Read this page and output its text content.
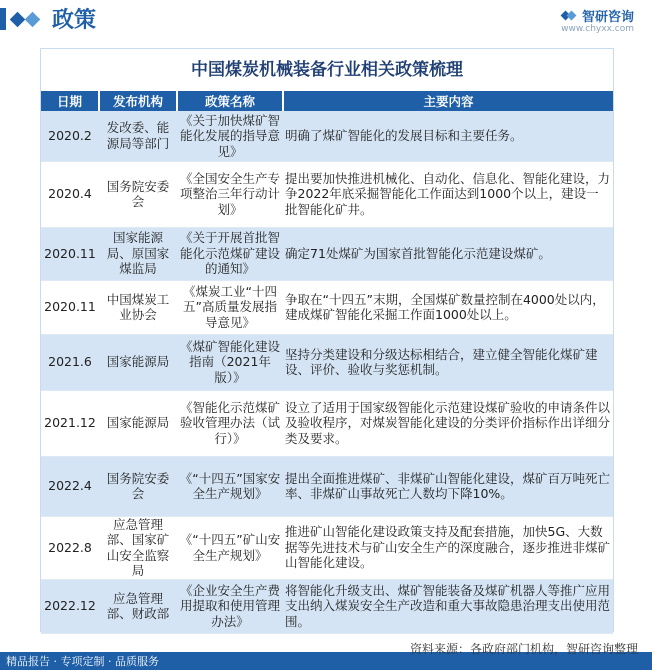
政策	智研咨询
www.chyxx.com
中国煤炭机械装备行业相关政策梳理
日期	发布机构	政策名称	主要内容
2020.2	发改委、能源局等部门	《关于加快煤矿智能化发展的指导意见》	明确了煤矿智能化的发展目标和主要任务。
2020.4	国务院安委会	《全国安全生产专项整治三年行动计划》	提出要加快推进机械化、自动化、信息化、智能化建设，力争2022年底采掘智能化工作面达到1000个以上，建设一批智能化矿井。
2020.11	国家能源局、原国家煤监局	《关于开展首批智能化示范煤矿建设的通知》	确定71处煤矿为国家首批智能化示范建设煤矿。
2020.11	中国煤炭工业协会	《煤炭工业“十四五”高质量发展指导意见》	争取在“十四五”末期，全国煤矿数量控制在4000处以内，建成煤矿智能化采掘工作面1000处以上。
2021.6	国家能源局	《煤矿智能化建设指南（2021年版）》	坚持分类建设和分级达标相结合，建立健全智能化煤矿建设、评价、验收与奖惩机制。
2021.12	国家能源局	《智能化示范煤矿验收管理办法（试行）》	设立了适用于国家级智能化示范建设煤矿验收的申请条件以及验收程序，对煤炭智能化建设的分类评价指标作出详细分类及要求。
2022.4	国务院安委会	《“十四五”国家安全生产规划》	提出全面推进煤矿、非煤矿山智能化建设，煤矿百万吨死亡率、非煤矿山事故死亡人数均下降10%。
2022.8	应急管理部、国家矿山安全监察局	《“十四五”矿山安全生产规划》	推进矿山智能化建设政策支持及配套措施，加快5G、大数据等先进技术与矿山安全生产的深度融合，逐步推进非煤矿山智能化建设。
2022.12	应急管理部、财政部	《企业安全生产费用提取和使用管理办法》	将智能化升级支出、煤矿智能装备及煤矿机器人等推广应用支出纳入煤炭安全生产改造和重大事故隐患治理支出使用范围。
精品报告 · 专项定制 · 品质服务
资料来源：各政府部门机构，智研咨询整理
